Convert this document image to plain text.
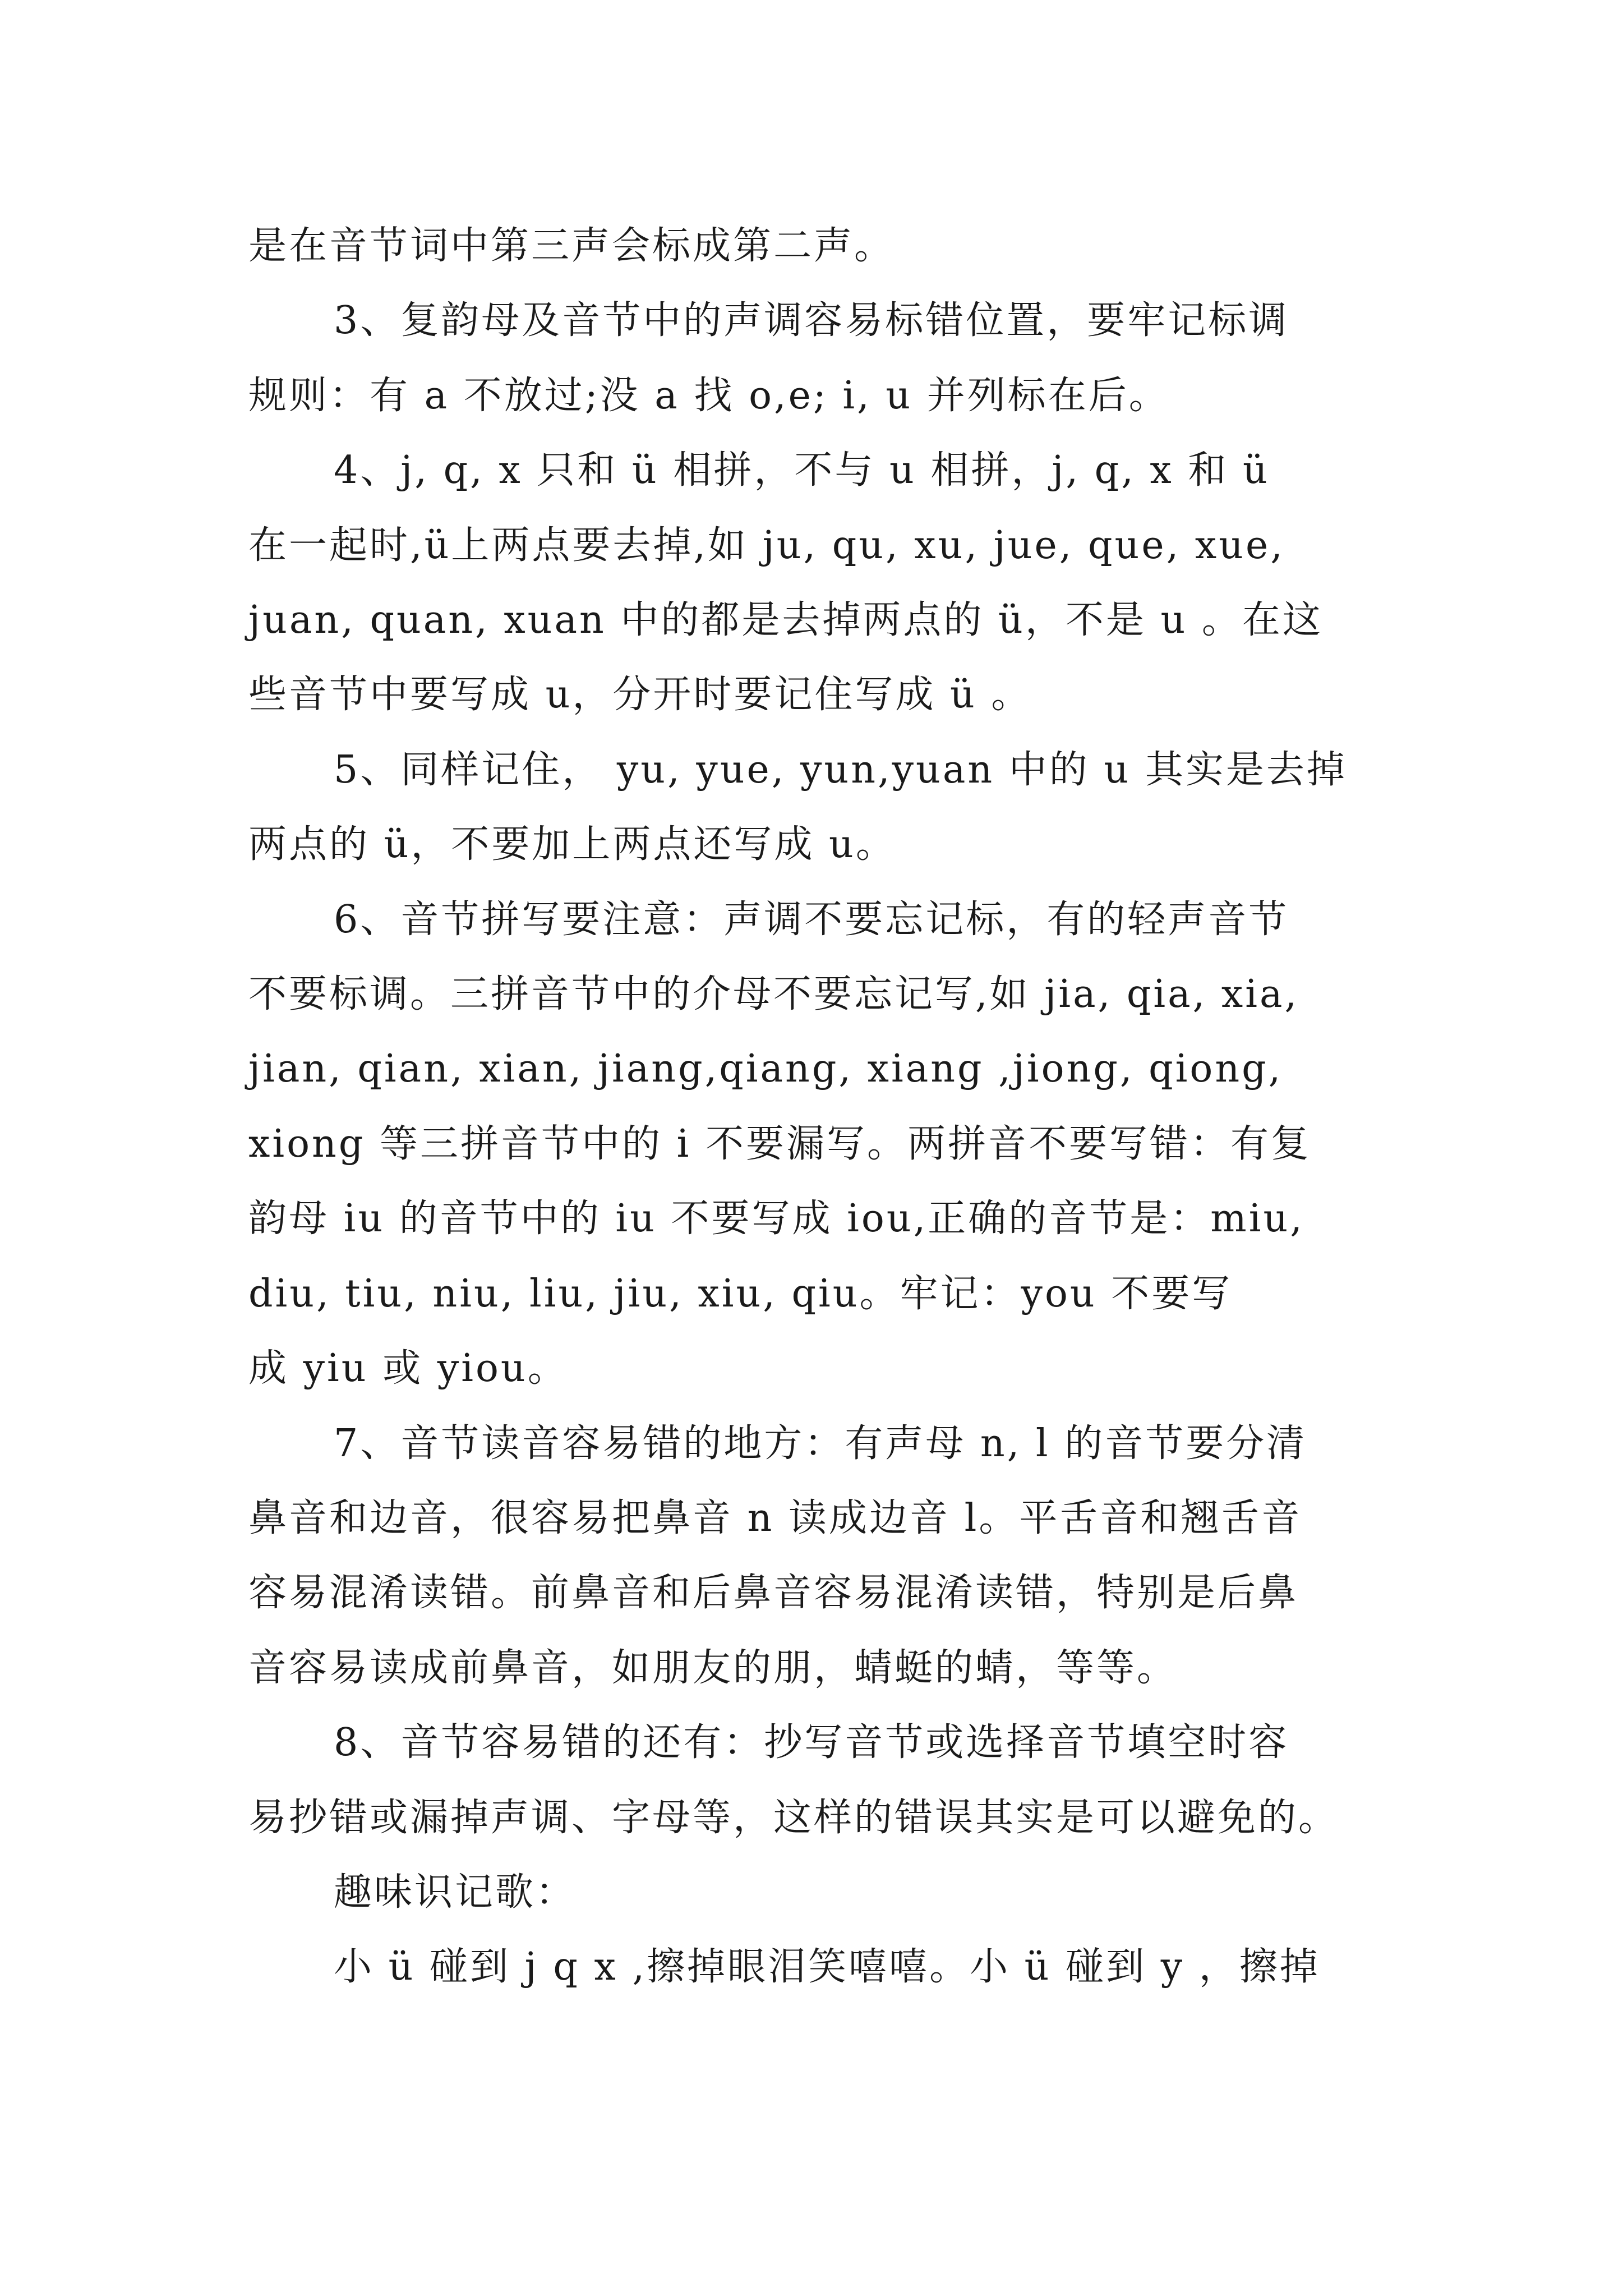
是在音节词中第三声会标成第二声。
3、复韵母及音节中的声调容易标错位置，要牢记标调
规则：有 a 不放过;没 a 找 o,e; i, u 并列标在后。
4、j, q, x 只和 ü 相拼，不与 u 相拼，j, q, x 和 ü
在一起时,ü上两点要去掉,如 ju, qu, xu, jue, que, xue,
juan, quan, xuan 中的都是去掉两点的 ü，不是 u 。在这
些音节中要写成 u，分开时要记住写成 ü 。
5、同样记住， yu, yue, yun,yuan 中的 u 其实是去掉
两点的 ü，不要加上两点还写成 u。
6、音节拼写要注意：声调不要忘记标，有的轻声音节
不要标调。三拼音节中的介母不要忘记写,如 jia, qia, xia,
jian, qian, xian, jiang,qiang, xiang ,jiong, qiong,
xiong 等三拼音节中的 i 不要漏写。两拼音不要写错：有复
韵母 iu 的音节中的 iu 不要写成 iou,正确的音节是：miu,
diu, tiu, niu, liu, jiu, xiu, qiu。牢记：you 不要写
成 yiu 或 yiou。
7、音节读音容易错的地方：有声母 n, l 的音节要分清
鼻音和边音，很容易把鼻音 n 读成边音 l。平舌音和翘舌音
容易混淆读错。前鼻音和后鼻音容易混淆读错，特别是后鼻
音容易读成前鼻音，如朋友的朋，蜻蜓的蜻，等等。
8、音节容易错的还有：抄写音节或选择音节填空时容
易抄错或漏掉声调、字母等，这样的错误其实是可以避免的。
趣味识记歌：
小 ü 碰到 j q x ,擦掉眼泪笑嘻嘻。小 ü 碰到 y ，擦掉
